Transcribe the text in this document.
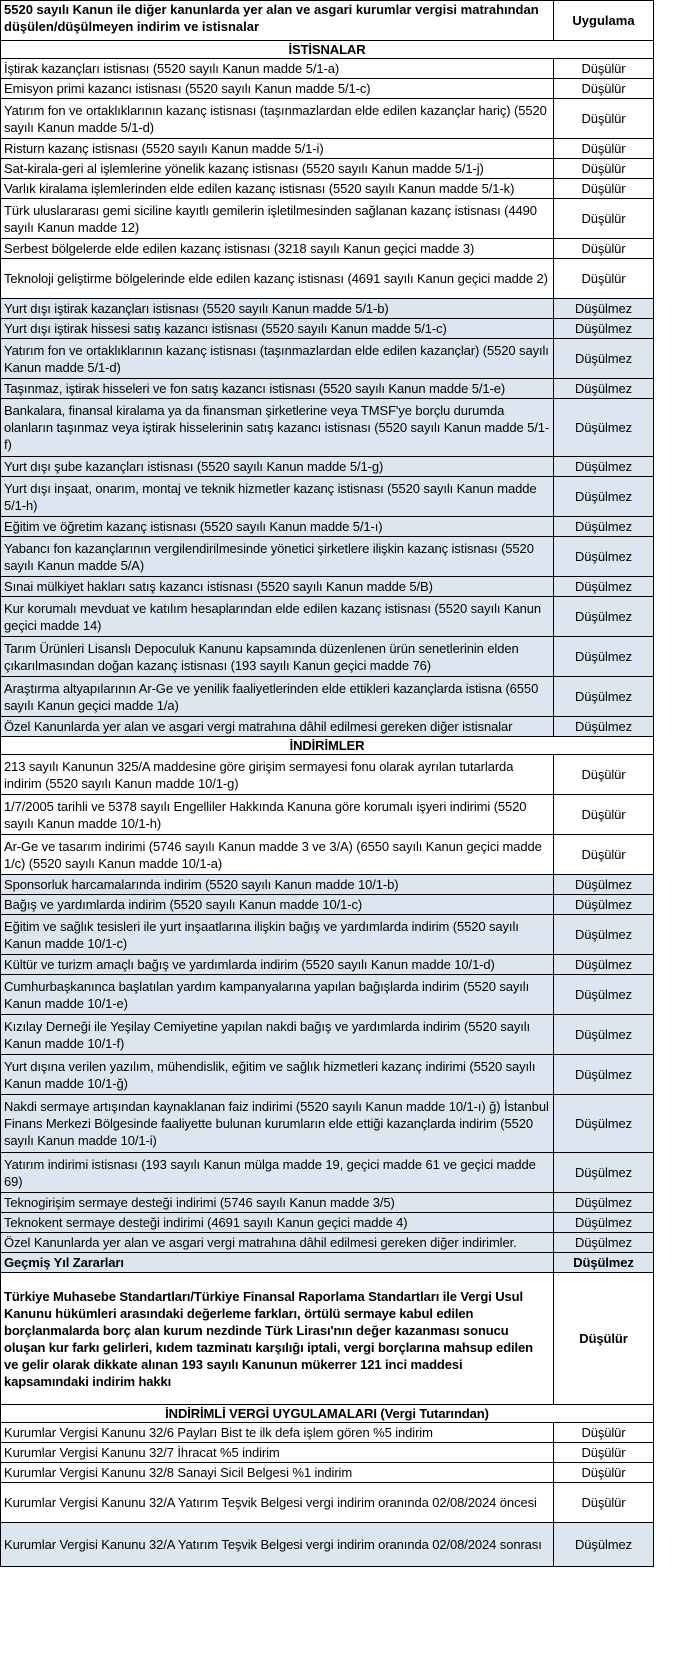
5520 sayılı Kanun ile diğer kanunlarda yer alan ve asgari kurumlar vergisi matrahından düşülen/düşülmeyen indirim ve istisnalar	Uygulama
İSTİSNALAR	
İştirak kazançları istisnası (5520 sayılı Kanun madde 5/1-a)	Düşülür
Emisyon primi kazancı istisnası (5520 sayılı Kanun madde 5/1-c)	Düşülür
Yatırım fon ve ortaklıklarının kazanç istisnası (taşınmazlardan elde edilen kazançlar hariç) (5520 sayılı Kanun madde 5/1-d)	Düşülür
Risturn kazanç istisnası (5520 sayılı Kanun madde 5/1-i)	Düşülür
Sat-kirala-geri al işlemlerine yönelik kazanç istisnası (5520 sayılı Kanun madde 5/1-j)	Düşülür
Varlık kiralama işlemlerinden elde edilen kazanç istisnası (5520 sayılı Kanun madde 5/1-k)	Düşülür
Türk uluslararası gemi siciline kayıtlı gemilerin işletilmesinden sağlanan kazanç istisnası (4490 sayılı Kanun madde 12)	Düşülür
Serbest bölgelerde elde edilen kazanç istisnası (3218 sayılı Kanun geçici madde 3)	Düşülür
Teknoloji geliştirme bölgelerinde elde edilen kazanç istisnası (4691 sayılı Kanun geçici madde 2)	Düşülür
Yurt dışı iştirak kazançları istisnası (5520 sayılı Kanun madde 5/1-b)	Düşülmez
Yurt dışı iştirak hissesi satış kazancı istisnası (5520 sayılı Kanun madde 5/1-c)	Düşülmez
Yatırım fon ve ortaklıklarının kazanç istisnası (taşınmazlardan elde edilen kazançlar) (5520 sayılı Kanun madde 5/1-d)	Düşülmez
Taşınmaz, iştirak hisseleri ve fon satış kazancı istisnası (5520 sayılı Kanun madde 5/1-e)	Düşülmez
Bankalara, finansal kiralama ya da finansman şirketlerine veya TMSF'ye borçlu durumda olanların taşınmaz veya iştirak hisselerinin satış kazancı istisnası (5520 sayılı Kanun madde 5/1-f)	Düşülmez
Yurt dışı şube kazançları istisnası (5520 sayılı Kanun madde 5/1-g)	Düşülmez
Yurt dışı inşaat, onarım, montaj ve teknik hizmetler kazanç istisnası (5520 sayılı Kanun madde 5/1-h)	Düşülmez
Eğitim ve öğretim kazanç istisnası (5520 sayılı Kanun madde 5/1-ı)	Düşülmez
Yabancı fon kazançlarının vergilendirilmesinde yönetici şirketlere ilişkin kazanç istisnası (5520 sayılı Kanun madde 5/A)	Düşülmez
Sınai mülkiyet hakları satış kazancı istisnası (5520 sayılı Kanun madde 5/B)	Düşülmez
Kur korumalı mevduat ve katılım hesaplarından elde edilen kazanç istisnası (5520 sayılı Kanun geçici madde 14)	Düşülmez
Tarım Ürünleri Lisanslı Depoculuk Kanunu kapsamında düzenlenen ürün senetlerinin elden çıkarılmasından doğan kazanç istisnası (193 sayılı Kanun geçici madde 76)	Düşülmez
Araştırma altyapılarının Ar-Ge ve yenilik faaliyetlerinden elde ettikleri kazançlarda istisna (6550 sayılı Kanun geçici madde 1/a)	Düşülmez
Özel Kanunlarda yer alan ve asgari vergi matrahına dâhil edilmesi gereken diğer istisnalar	Düşülmez
İNDİRİMLER	
213 sayılı Kanunun 325/A maddesine göre girişim sermayesi fonu olarak ayrılan tutarlarda indirim (5520 sayılı Kanun madde 10/1-g)	Düşülür
1/7/2005 tarihli ve 5378 sayılı Engelliler Hakkında Kanuna göre korumalı işyeri indirimi (5520 sayılı Kanun madde 10/1-h)	Düşülür
Ar-Ge ve tasarım indirimi (5746 sayılı Kanun madde 3 ve 3/A) (6550 sayılı Kanun geçici madde 1/c) (5520 sayılı Kanun madde 10/1-a)	Düşülür
Sponsorluk harcamalarında indirim (5520 sayılı Kanun madde 10/1-b)	Düşülmez
Bağış ve yardımlarda indirim (5520 sayılı Kanun madde 10/1-c)	Düşülmez
Eğitim ve sağlık tesisleri ile yurt inşaatlarına ilişkin bağış ve yardımlarda indirim (5520 sayılı Kanun madde 10/1-c)	Düşülmez
Kültür ve turizm amaçlı bağış ve yardımlarda indirim (5520 sayılı Kanun madde 10/1-d)	Düşülmez
Cumhurbaşkanınca başlatılan yardım kampanyalarına yapılan bağışlarda indirim (5520 sayılı Kanun madde 10/1-e)	Düşülmez
Kızılay Derneği ile Yeşilay Cemiyetine yapılan nakdi bağış ve yardımlarda indirim (5520 sayılı Kanun madde 10/1-f)	Düşülmez
Yurt dışına verilen yazılım, mühendislik, eğitim ve sağlık hizmetleri kazanç indirimi (5520 sayılı Kanun madde 10/1-ğ)	Düşülmez
Nakdi sermaye artışından kaynaklanan faiz indirimi (5520 sayılı Kanun madde 10/1-ı) ğ) İstanbul Finans Merkezi Bölgesinde faaliyette bulunan kurumların elde ettiği kazançlarda indirim (5520 sayılı Kanun madde 10/1-i)	Düşülmez
Yatırım indirimi istisnası (193 sayılı Kanun mülga madde 19, geçici madde 61 ve geçici madde 69)	Düşülmez
Teknogirişim sermaye desteği indirimi (5746 sayılı Kanun madde 3/5)	Düşülmez
Teknokent sermaye desteği indirimi (4691 sayılı Kanun geçici madde 4)	Düşülmez
Özel Kanunlarda yer alan ve asgari vergi matrahına dâhil edilmesi gereken diğer indirimler.	Düşülmez
Geçmiş Yıl Zararları	Düşülmez
Türkiye Muhasebe Standartları/Türkiye Finansal Raporlama Standartları ile Vergi Usul Kanunu hükümleri arasındaki değerleme farkları, örtülü sermaye kabul edilen borçlanmalarda borç alan kurum nezdinde Türk Lirası'nın değer kazanması sonucu oluşan kur farkı gelirleri, kıdem tazminatı karşılığı iptali, vergi borçlarına mahsup edilen ve gelir olarak dikkate alınan 193 sayılı Kanunun mükerrer 121 inci maddesi kapsamındaki indirim hakkı	Düşülür
İNDİRİMLİ VERGİ UYGULAMALARI (Vergi Tutarından)	
Kurumlar Vergisi Kanunu 32/6 Payları Bist te ilk defa işlem gören %5 indirim	Düşülür
Kurumlar Vergisi Kanunu 32/7 İhracat %5 indirim	Düşülür
Kurumlar Vergisi Kanunu 32/8 Sanayi Sicil Belgesi %1 indirim	Düşülür
Kurumlar Vergisi Kanunu 32/A Yatırım Teşvik Belgesi vergi indirim oranında 02/08/2024 öncesi	Düşülür
Kurumlar Vergisi Kanunu 32/A Yatırım Teşvik Belgesi vergi indirim oranında 02/08/2024 sonrası	Düşülmez
